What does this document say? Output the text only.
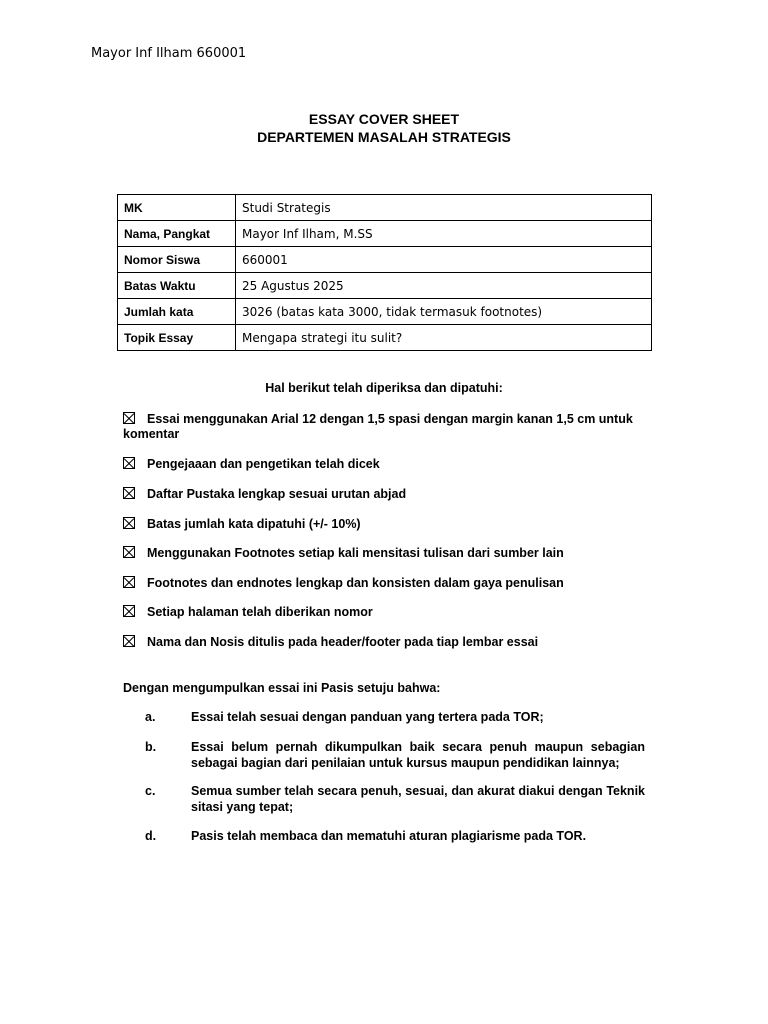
Mayor Inf Ilham 660001
ESSAY COVER SHEET
DEPARTEMEN MASALAH STRATEGIS
MK	Studi Strategis
Nama, Pangkat	Mayor Inf Ilham, M.SS
Nomor Siswa	660001
Batas Waktu	25 Agustus 2025
Jumlah kata	3026 (batas kata 3000, tidak termasuk footnotes)
Topik Essay	Mengapa strategi itu sulit?
Hal berikut telah diperiksa dan dipatuhi:
Essai menggunakan Arial 12 dengan 1,5 spasi dengan margin kanan 1,5 cm untuk komentar
Pengejaaan dan pengetikan telah dicek
Daftar Pustaka lengkap sesuai urutan abjad
Batas jumlah kata dipatuhi (+/- 10%)
Menggunakan Footnotes setiap kali mensitasi tulisan dari sumber lain
Footnotes dan endnotes lengkap dan konsisten dalam gaya penulisan
Setiap halaman telah diberikan nomor
Nama dan Nosis ditulis pada header/footer pada tiap lembar essai
Dengan mengumpulkan essai ini Pasis setuju bahwa:
a.	Essai telah sesuai dengan panduan yang tertera pada TOR;
b.	Essai belum pernah dikumpulkan baik secara penuh maupun sebagian sebagai bagian dari penilaian untuk kursus maupun pendidikan lainnya;
c.	Semua sumber telah secara penuh, sesuai, dan akurat diakui dengan Teknik sitasi yang tepat;
d.	Pasis telah membaca dan mematuhi aturan plagiarisme pada TOR.
